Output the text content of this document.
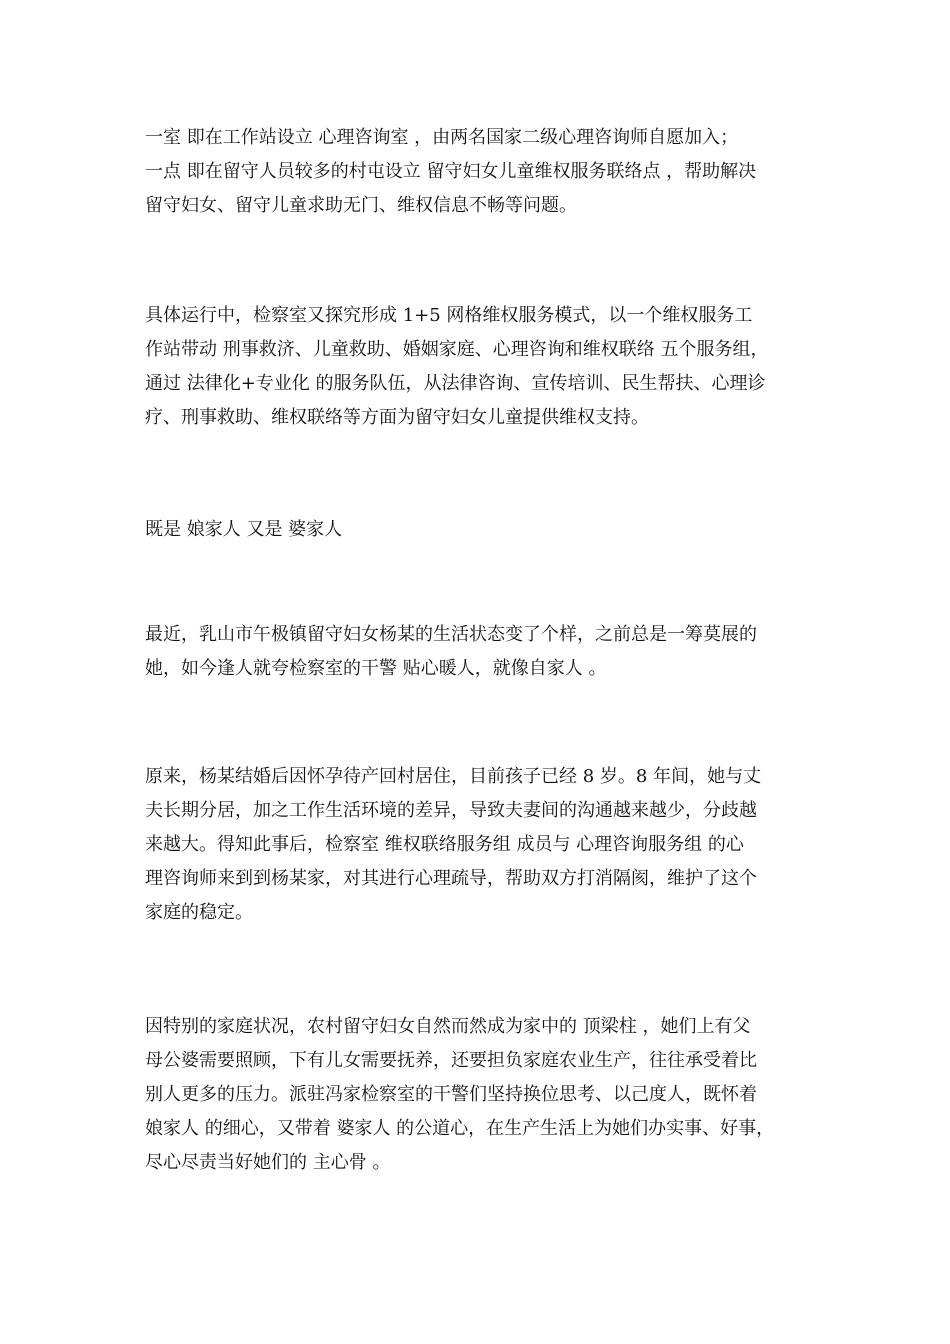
一室 即在工作站设立 心理咨询室 ，由两名国家二级心理咨询师自愿加入；
一点 即在留守人员较多的村屯设立 留守妇女儿童维权服务联络点 ，帮助解决
留守妇女、留守儿童求助无门、维权信息不畅等问题。

具体运行中，检察室又探究形成 1+5 网格维权服务模式，以一个维权服务工
作站带动 刑事救济、儿童救助、婚姻家庭、心理咨询和维权联络 五个服务组，
通过 法律化+专业化 的服务队伍，从法律咨询、宣传培训、民生帮扶、心理诊
疗、刑事救助、维权联络等方面为留守妇女儿童提供维权支持。

既是 娘家人 又是 婆家人

最近，乳山市午极镇留守妇女杨某的生活状态变了个样，之前总是一筹莫展的
她，如今逢人就夸检察室的干警 贴心暖人，就像自家人 。

原来，杨某结婚后因怀孕待产回村居住，目前孩子已经 8 岁。8 年间，她与丈
夫长期分居，加之工作生活环境的差异，导致夫妻间的沟通越来越少，分歧越
来越大。得知此事后，检察室 维权联络服务组 成员与 心理咨询服务组 的心
理咨询师来到到杨某家，对其进行心理疏导，帮助双方打消隔阂，维护了这个
家庭的稳定。

因特别的家庭状况，农村留守妇女自然而然成为家中的 顶梁柱 ，她们上有父
母公婆需要照顾，下有儿女需要抚养，还要担负家庭农业生产，往往承受着比
别人更多的压力。派驻冯家检察室的干警们坚持换位思考、以己度人，既怀着
娘家人 的细心，又带着 婆家人 的公道心，在生产生活上为她们办实事、好事，
尽心尽责当好她们的 主心骨 。
